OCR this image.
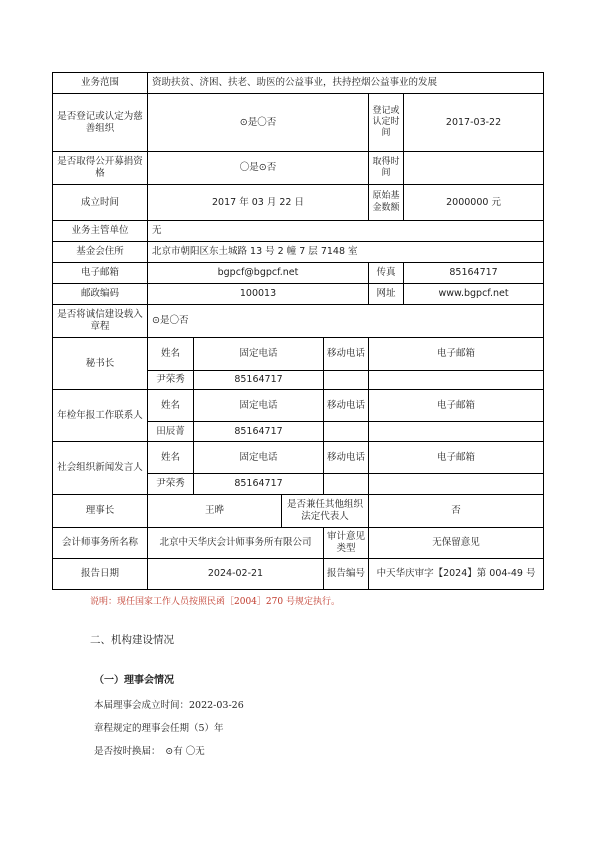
业务范围	资助扶贫、济困、扶老、助医的公益事业，扶持控烟公益事业的发展					
是否登记或认定为慈善组织	⊙是〇否				登记或认定时间	2017-03-22
是否取得公开募捐资格	〇是⊙否				取得时间	
成立时间	2017 年 03 月 22 日				原始基金数额	2000000 元
业务主管单位	无					
基金会住所	北京市朝阳区东土城路 13 号 2 幢 7 层 7148 室					
电子邮箱	bgpcf@bgpcf.net				传真	85164717
邮政编码	100013				网址	www.bgpcf.net
是否将诚信建设载入章程	⊙是〇否					
秘书长	姓名	固定电话		移动电话	电子邮箱	
	尹荣秀	85164717				
年检年报工作联系人	姓名	固定电话		移动电话	电子邮箱	
	田辰菁	85164717				
社会组织新闻发言人	姓名	固定电话		移动电话	电子邮箱	
	尹荣秀	85164717				
理事长	王晔		是否兼任其他组织法定代表人		否	
会计师事务所名称	北京中天华庆会计师事务所有限公司			审计意见类型	无保留意见	
报告日期	2024-02-21			报告编号	中天华庆审字【2024】第 004-49 号	
说明：现任国家工作人员按照民函［2004］270 号规定执行。
二、机构建设情况
（一）理事会情况
本届理事会成立时间：2022-03-26
章程规定的理事会任期（5）年
是否按时换届：　⊙有 〇无
